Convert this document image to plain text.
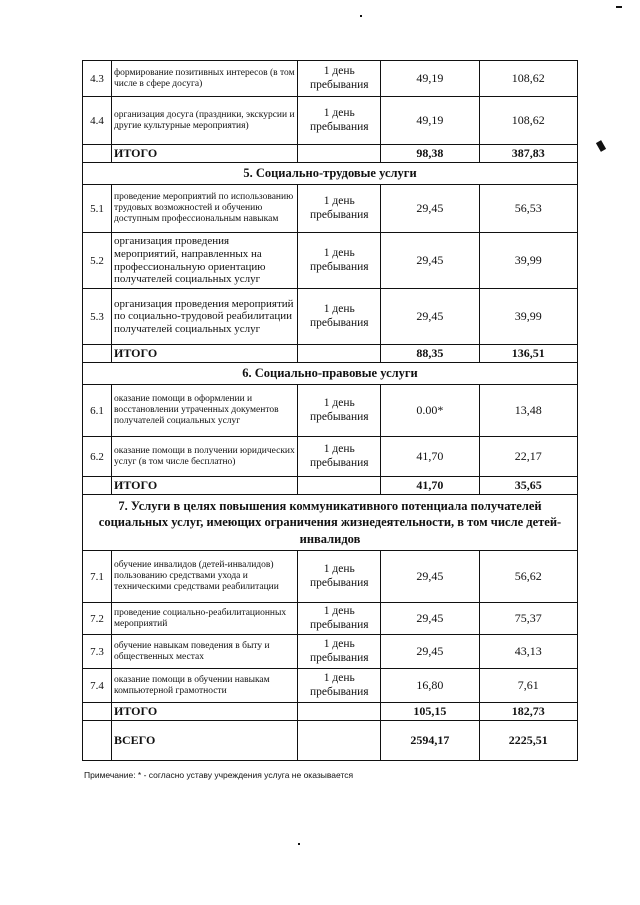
4.3	формирование позитивных интересов (в том числе в сфере досуга)	1 день пребывания	49,19	108,62
4.4	организация досуга (праздники, экскурсии и другие культурные мероприятия)	1 день пребывания	49,19	108,62
	ИТОГО		98,38	387,83
5. Социально-трудовые услуги				
5.1	проведение мероприятий по использованию трудовых возможностей и обучению доступным профессиональным навыкам	1 день пребывания	29,45	56,53
5.2	организация проведения мероприятий, направленных на профессиональную ориентацию получателей социальных услуг	1 день пребывания	29,45	39,99
5.3	организация проведения мероприятий по социально-трудовой реабилитации получателей социальных услуг	1 день пребывания	29,45	39,99
	ИТОГО		88,35	136,51
6. Социально-правовые услуги				
6.1	оказание помощи в оформлении и восстановлении утраченных документов получателей социальных услуг	1 день пребывания	0.00*	13,48
6.2	оказание помощи в получении юридических услуг (в том числе бесплатно)	1 день пребывания	41,70	22,17
	ИТОГО		41,70	35,65
7. Услуги в целях повышения коммуникативного потенциала получателей социальных услуг, имеющих ограничения жизнедеятельности, в том числе детей-инвалидов				
7.1	обучение инвалидов (детей-инвалидов) пользованию средствами ухода и техническими средствами реабилитации	1 день пребывания	29,45	56,62
7.2	проведение социально-реабилитационных мероприятий	1 день пребывания	29,45	75,37
7.3	обучение навыкам поведения в быту и общественных местах	1 день пребывания	29,45	43,13
7.4	оказание помощи в обучении навыкам компьютерной грамотности	1 день пребывания	16,80	7,61
	ИТОГО		105,15	182,73
	ВСЕГО		2594,17	2225,51
Примечание: * - согласно уставу учреждения услуга не оказывается
